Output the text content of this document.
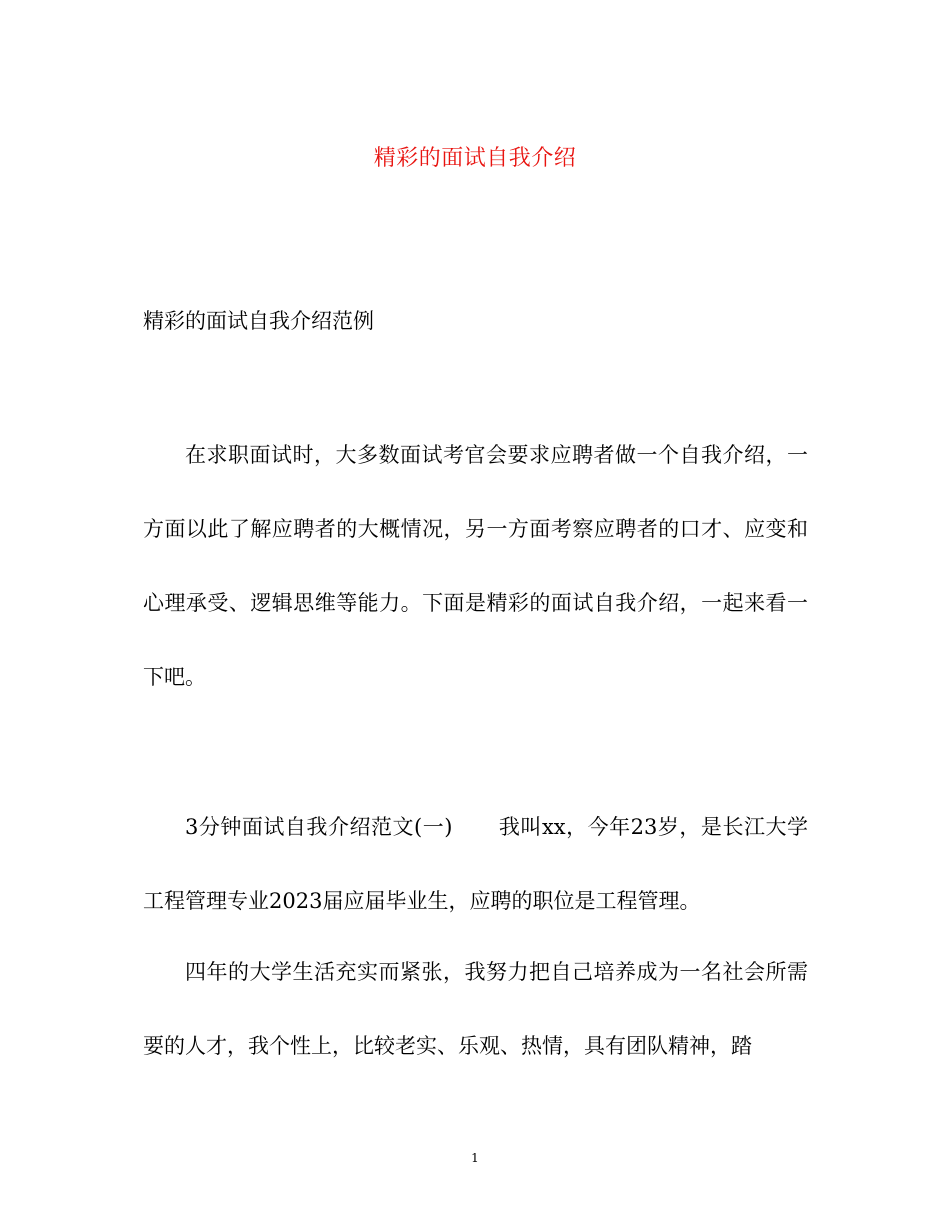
精彩的面试自我介绍
精彩的面试自我介绍范例

在求职面试时，大多数面试考官会要求应聘者做一个自我介绍，一方面以此了解应聘者的大概情况，另一方面考察应聘者的口才、应变和心理承受、逻辑思维等能力。下面是精彩的面试自我介绍，一起来看一下吧。

3分钟面试自我介绍范文(一) 我叫xx，今年23岁，是长江大学工程管理专业2023届应届毕业生，应聘的职位是工程管理。

四年的大学生活充实而紧张，我努力把自己培养成为一名社会所需要的人才，我个性上，比较老实、乐观、热情，具有团队精神，踏

1
